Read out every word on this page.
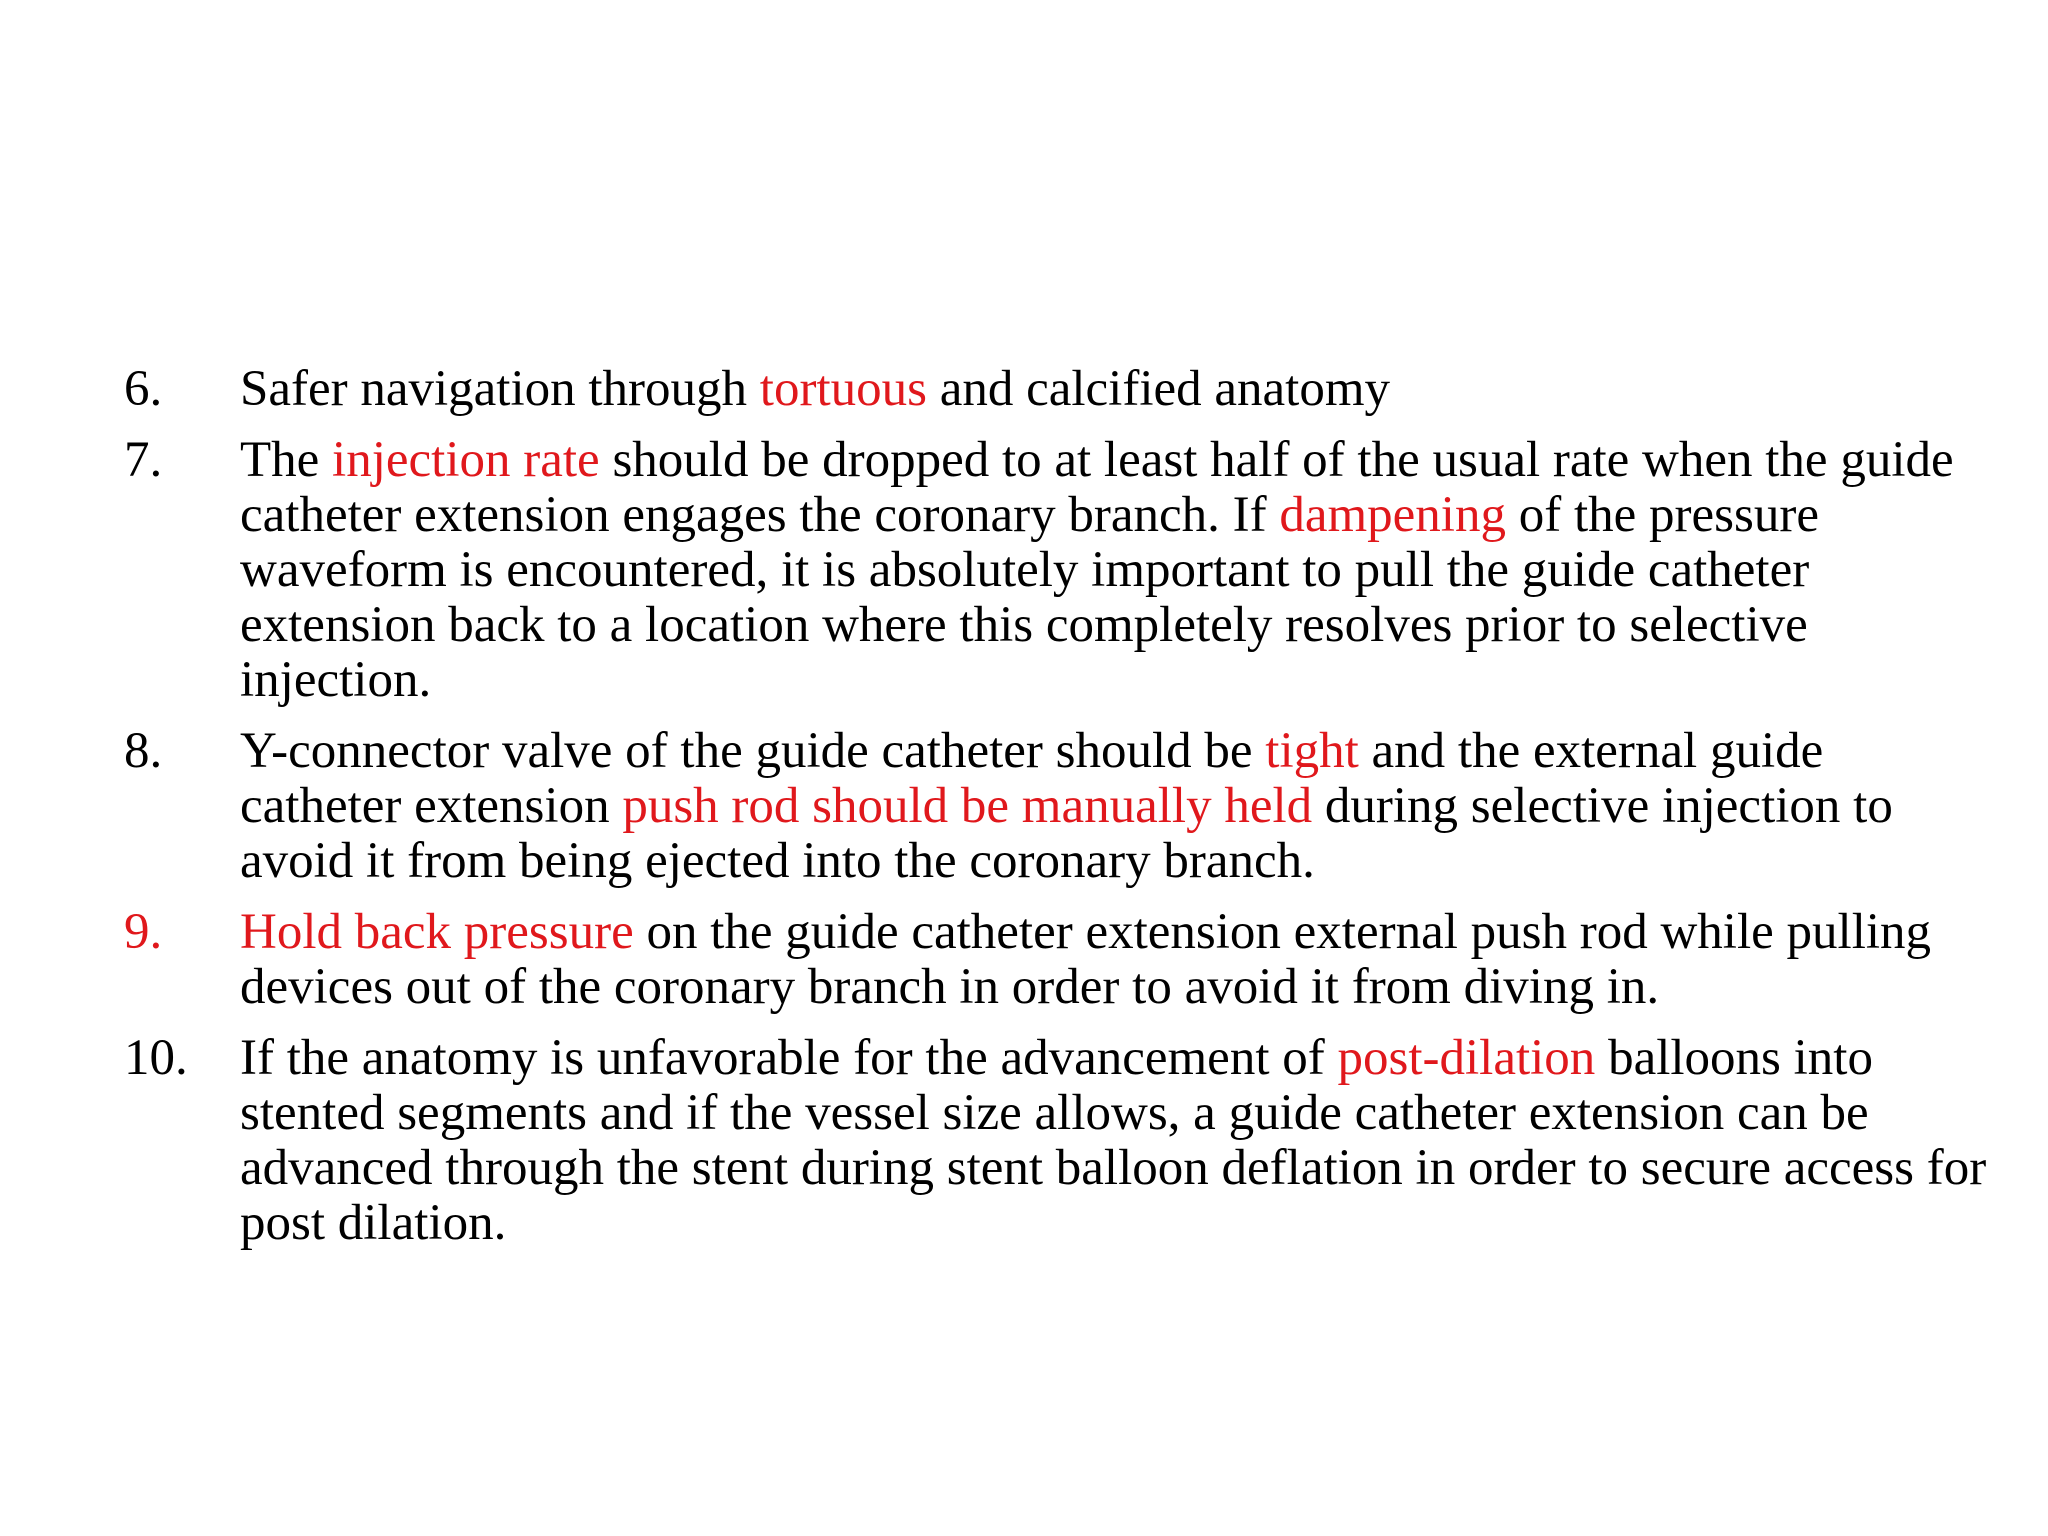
6.	Safer navigation through tortuous and calcified anatomy
7.	The injection rate should be dropped to at least half of the usual rate when the guide catheter extension engages the coronary branch. If dampening of the pressure waveform is encountered, it is absolutely important to pull the guide catheter extension back to a location where this completely resolves prior to selective injection.
8.	Y-connector valve of the guide catheter should be tight and the external guide catheter extension push rod should be manually held during selective injection to avoid it from being ejected into the coronary branch.
9.	Hold back pressure on the guide catheter extension external push rod while pulling devices out of the coronary branch in order to avoid it from diving in.
10.	If the anatomy is unfavorable for the advancement of post-dilation balloons into stented segments and if the vessel size allows, a guide catheter extension can be advanced through the stent during stent balloon deflation in order to secure access for post dilation.
